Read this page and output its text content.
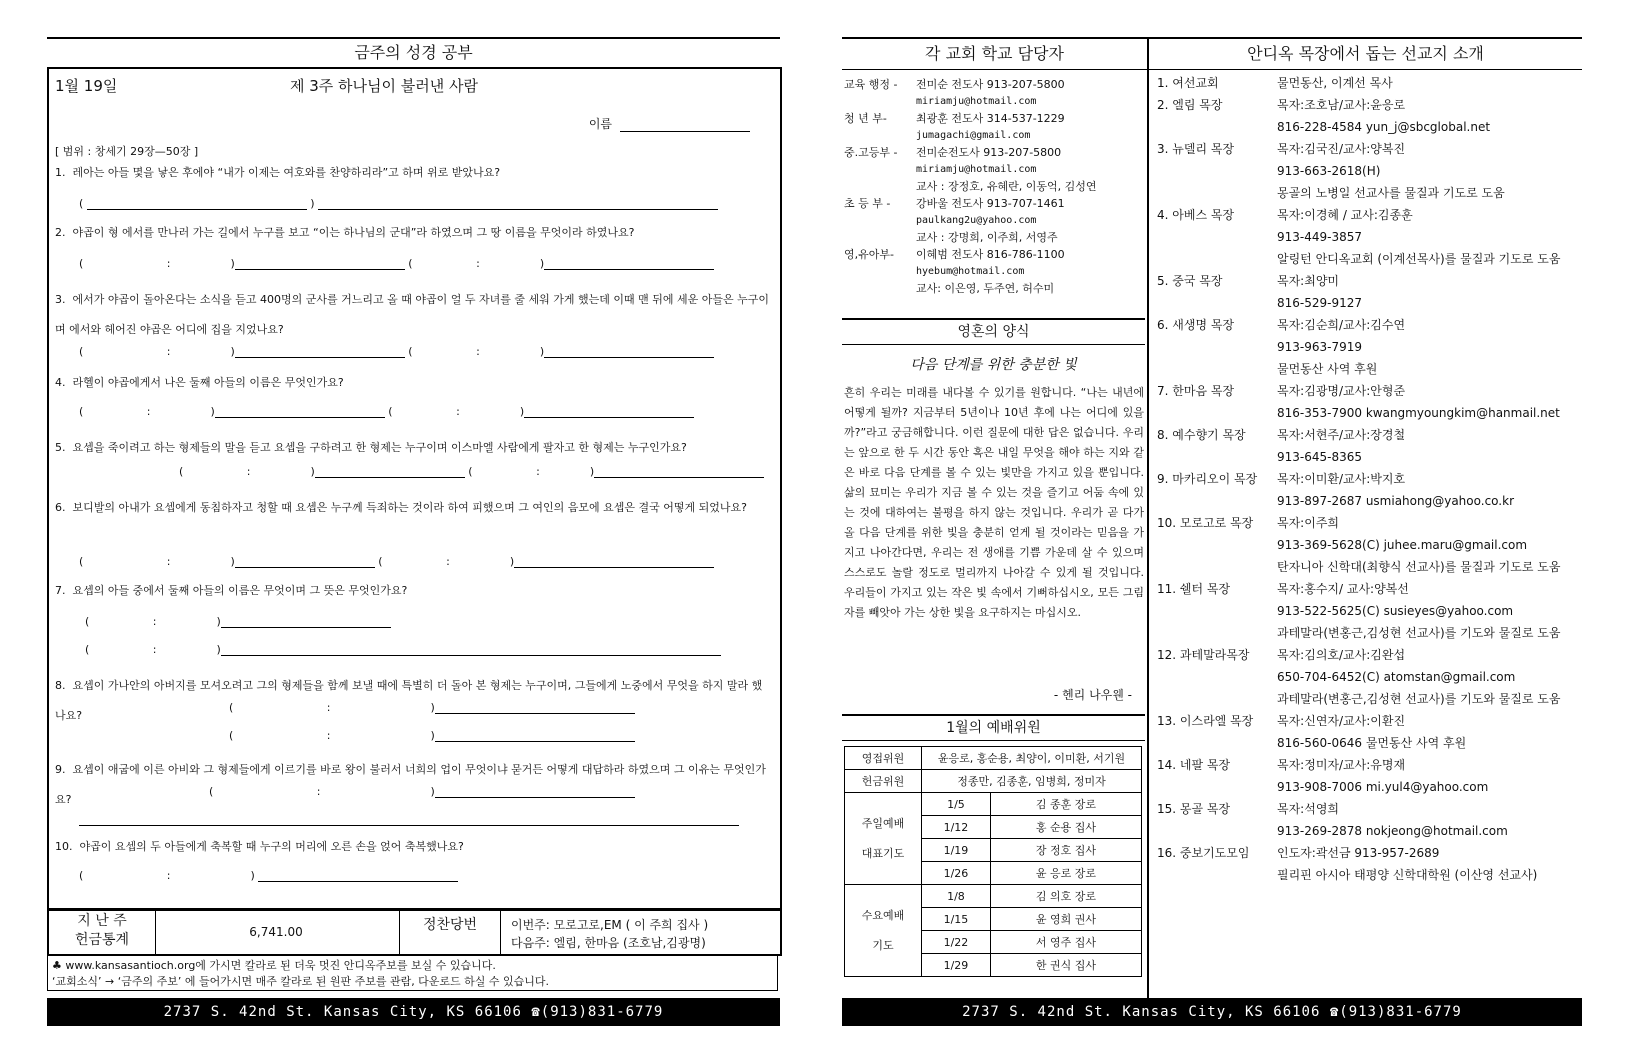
금주의 성경 공부
1월 19일	제 3주 하나님이 불러낸 사람
이름
[ 범위 : 창세기 29장—50장 ]
1. 레아는 아들 몇을 낳은 후에야 “내가 이제는 여호와를 찬양하리라”고 하며 위로 받았나요?
(	)
2. 야곱이 형 에서를 만나러 가는 길에서 누구를 보고 “이는 하나님의 군대”라 하였으며 그 땅 이름을 무엇이라 하였나요?
(	:	)	(	:	)
3. 에서가 야곱이 돌아온다는 소식을 듣고 400명의 군사를 거느리고 올 때 야곱이 얼 두 자녀를 줄 세워 가게 했는데 이때 맨 뒤에 세운 아들은 누구이며 에서와 헤어진 야곱은 어디에 집을 지었나요?
(	:	)	(	:	)
4. 라헬이 야곱에게서 나은 둘째 아들의 이름은 무엇인가요?
(	:	)	(	:	)
5. 요셉을 죽이려고 하는 형제들의 말을 듣고 요셉을 구하려고 한 형제는 누구이며 이스마엘 사람에게 팔자고 한 형제는 누구인가요?
(	:	)	(	:	)
6. 보디발의 아내가 요셉에게 동침하자고 청할 때 요셉은 누구께 득죄하는 것이라 하여 피했으며 그 여인의 음모에 요셉은 결국 어떻게 되었나요?
(	:	)	(	:	)
7. 요셉의 아들 중에서 둘째 아들의 이름은 무엇이며 그 뜻은 무엇인가요?
(	:	)
(	:	)
8. 요셉이 가나안의 아버지를 모셔오려고 그의 형제들을 함께 보낼 때에 특별히 더 돌아 본 형제는 누구이며, 그들에게 노중에서 무엇을 하지 말라 했나요?
(	:	)
(	:	)
9. 요셉이 애굽에 이른 아비와 그 형제들에게 이르기를 바로 왕이 불러서 너희의 업이 무엇이냐 묻거든 어떻게 대답하라 하였으며 그 이유는 무엇인가요?
(	:	)
10. 야곱이 요셉의 두 아들에게 축복할 때 누구의 머리에 오른 손을 얹어 축복했나요?
(	:	)
지 난 주
헌금통계	6,741.00	정찬당번	이번주: 모로고로,EM ( 이 주희 집사 )
다음주: 엘림, 한마음 (조호남,김광명)
♣ www.kansasantioch.org에 가시면 칼라로 된 더욱 멋진 안디옥주보를 보실 수 있습니다.
‘교회소식’ → ‘금주의 주보’ 에 들어가시면 매주 칼라로 된 원판 주보를 관람, 다운로드 하실 수 있습니다.
2737 S. 42nd St. Kansas City, KS 66106 ☎(913)831-6779
각 교회 학교 담당자	안디옥 목장에서 돕는 선교지 소개
교육 행정 - 전미순 전도사 913-207-5800
miriamju@hotmail.com
청 년 부-	최광훈 전도사 314-537-1229
jumagachi@gmail.com
중.고등부 - 전미순전도사 913-207-5800
miriamju@hotmail.com
교사 : 장정호, 유혜란, 이동억, 김성연
초 등 부 - 강바울 전도사 913-707-1461
paulkang2u@yahoo.com
교사 : 강명희, 이주희, 서영주
영,유아부- 이혜범 전도사 816-786-1100
hyebum@hotmail.com
교사: 이은영, 두주연, 허수미
영혼의 양식
다음 단계를 위한 충분한 빛
흔히 우리는 미래를 내다볼 수 있기를 원합니다. “나는 내년에 어떻게 될까? 지금부터 5년이나 10년 후에 나는 어디에 있을까?”라고 궁금해합니다. 이런 질문에 대한 답은 없습니다. 우리는 앞으로 한 두 시간 동안 혹은 내일 무엇을 해야 하는 지와 같은 바로 다음 단계를 볼 수 있는 빛만을 가지고 있을 뿐입니다. 삶의 묘미는 우리가 지금 볼 수 있는 것을 즐기고 어둠 속에 있는 것에 대하여는 불평을 하지 않는 것입니다. 우리가 곧 다가올 다음 단계를 위한 빛을 충분히 얻게 될 것이라는 믿음을 가지고 나아간다면, 우리는 전 생애를 기쁨 가운데 살 수 있으며 스스로도 놀랄 정도로 멀리까지 나아갈 수 있게 될 것입니다. 우리들이 가지고 있는 작은 빛 속에서 기뻐하십시오, 모든 그림자를 빼앗아 가는 상한 빛을 요구하지는 마십시오.
- 헨리 나우웬 -
1월의 예배위원
영접위원	윤응로, 홍순용, 최양이, 이미환, 서기원	
헌금위원	정종만, 김종훈, 임병희, 정미자	

주일예배
대표기도	1/5	김 종훈 장로
	1/12	홍 순용 집사
	1/19	장 정호 집사
	1/26	윤 응로 장로

수요예배
기도	1/8	김 의호 장로
	1/15	윤 영희 권사
	1/22	서 영주 집사
	1/29	한 권식 집사
1. 여선교회	물먼동산, 이계선 목사
2. 엘림 목장	목자:조호남/교사:윤응로
816-228-4584 yun_j@sbcglobal.net
3. 뉴델리 목장	목자:김국진/교사:양복진
913-663-2618(H)
몽골의 노병일 선교사를 물질과 기도로 도움
4. 아베스 목장	목자:이경혜 / 교사:김종훈
913-449-3857
알링턴 안디옥교회 (이계선목사)를 물질과 기도로 도움
5. 중국 목장	목자:최양미
816-529-9127
6. 새생명 목장	목자:김순희/교사:김수연
913-963-7919
물먼동산 사역 후원
7. 한마음 목장	목자:김광명/교사:안형준
816-353-7900 kwangmyoungkim@hanmail.net
8. 예수향기 목장	목자:서현주/교사:장경철
913-645-8365
9. 마카리오이 목장 목자:이미환/교사:박지호
913-897-2687 usmiahong@yahoo.co.kr
10. 모로고로 목장 목자:이주희
913-369-5628(C) juhee.maru@gmail.com
탄자니아 신학대(최향식 선교사)를 물질과 기도로 도움
11. 쉘터 목장	목자:홍수지/ 교사:양복선
913-522-5625(C) susieyes@yahoo.com
과테말라(변홍근,김성현 선교사)를 기도와 물질로 도움
12. 과테말라목장 목자:김의호/교사:김완섭
650-704-6452(C) atomstan@gmail.com
과테말라(변홍근,김성현 선교사)를 기도와 물질로 도움
13. 이스라엘 목장 목자:신연자/교사:이환진
816-560-0646 물먼동산 사역 후원
14. 네팔 목장	목자:정미자/교사:유명재
913-908-7006 mi.yul4@yahoo.com
15. 몽골 목장	목자:석영희
913-269-2878 nokjeong@hotmail.com
16. 중보기도모임 인도자:곽선금 913-957-2689
필리핀 아시아 태평양 신학대학원 (이산영 선교사)
2737 S. 42nd St. Kansas City, KS 66106 ☎(913)831-6779
